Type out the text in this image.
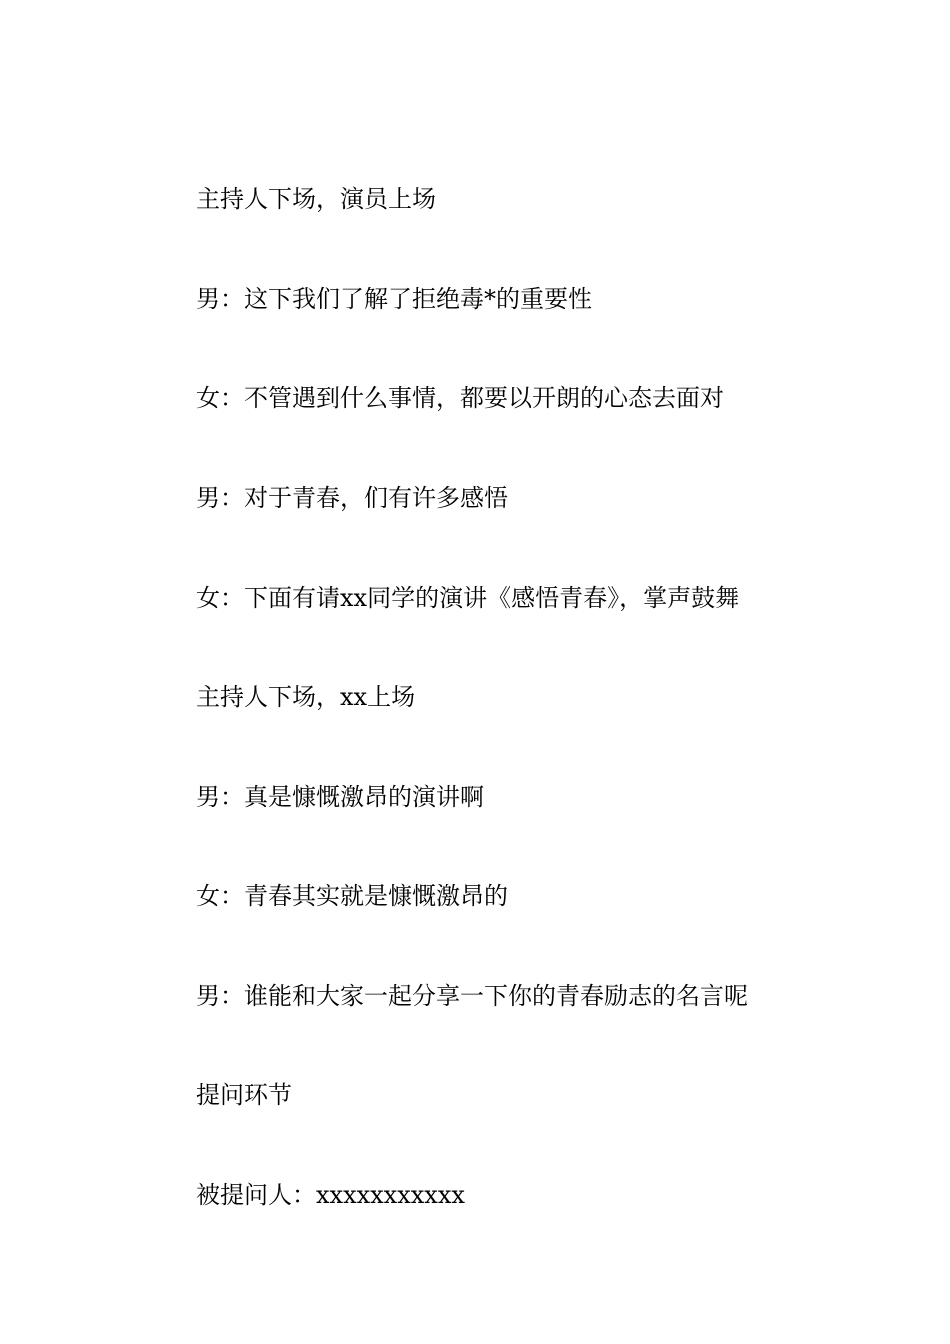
主持人下场，演员上场

男：这下我们了解了拒绝毒*的重要性

女：不管遇到什么事情，都要以开朗的心态去面对

男：对于青春，们有许多感悟

女：下面有请xx同学的演讲《感悟青春》，掌声鼓舞

主持人下场，xx上场

男：真是慷慨激昂的演讲啊

女：青春其实就是慷慨激昂的

男：谁能和大家一起分享一下你的青春励志的名言呢

提问环节

被提问人：xxxxxxxxxxx
